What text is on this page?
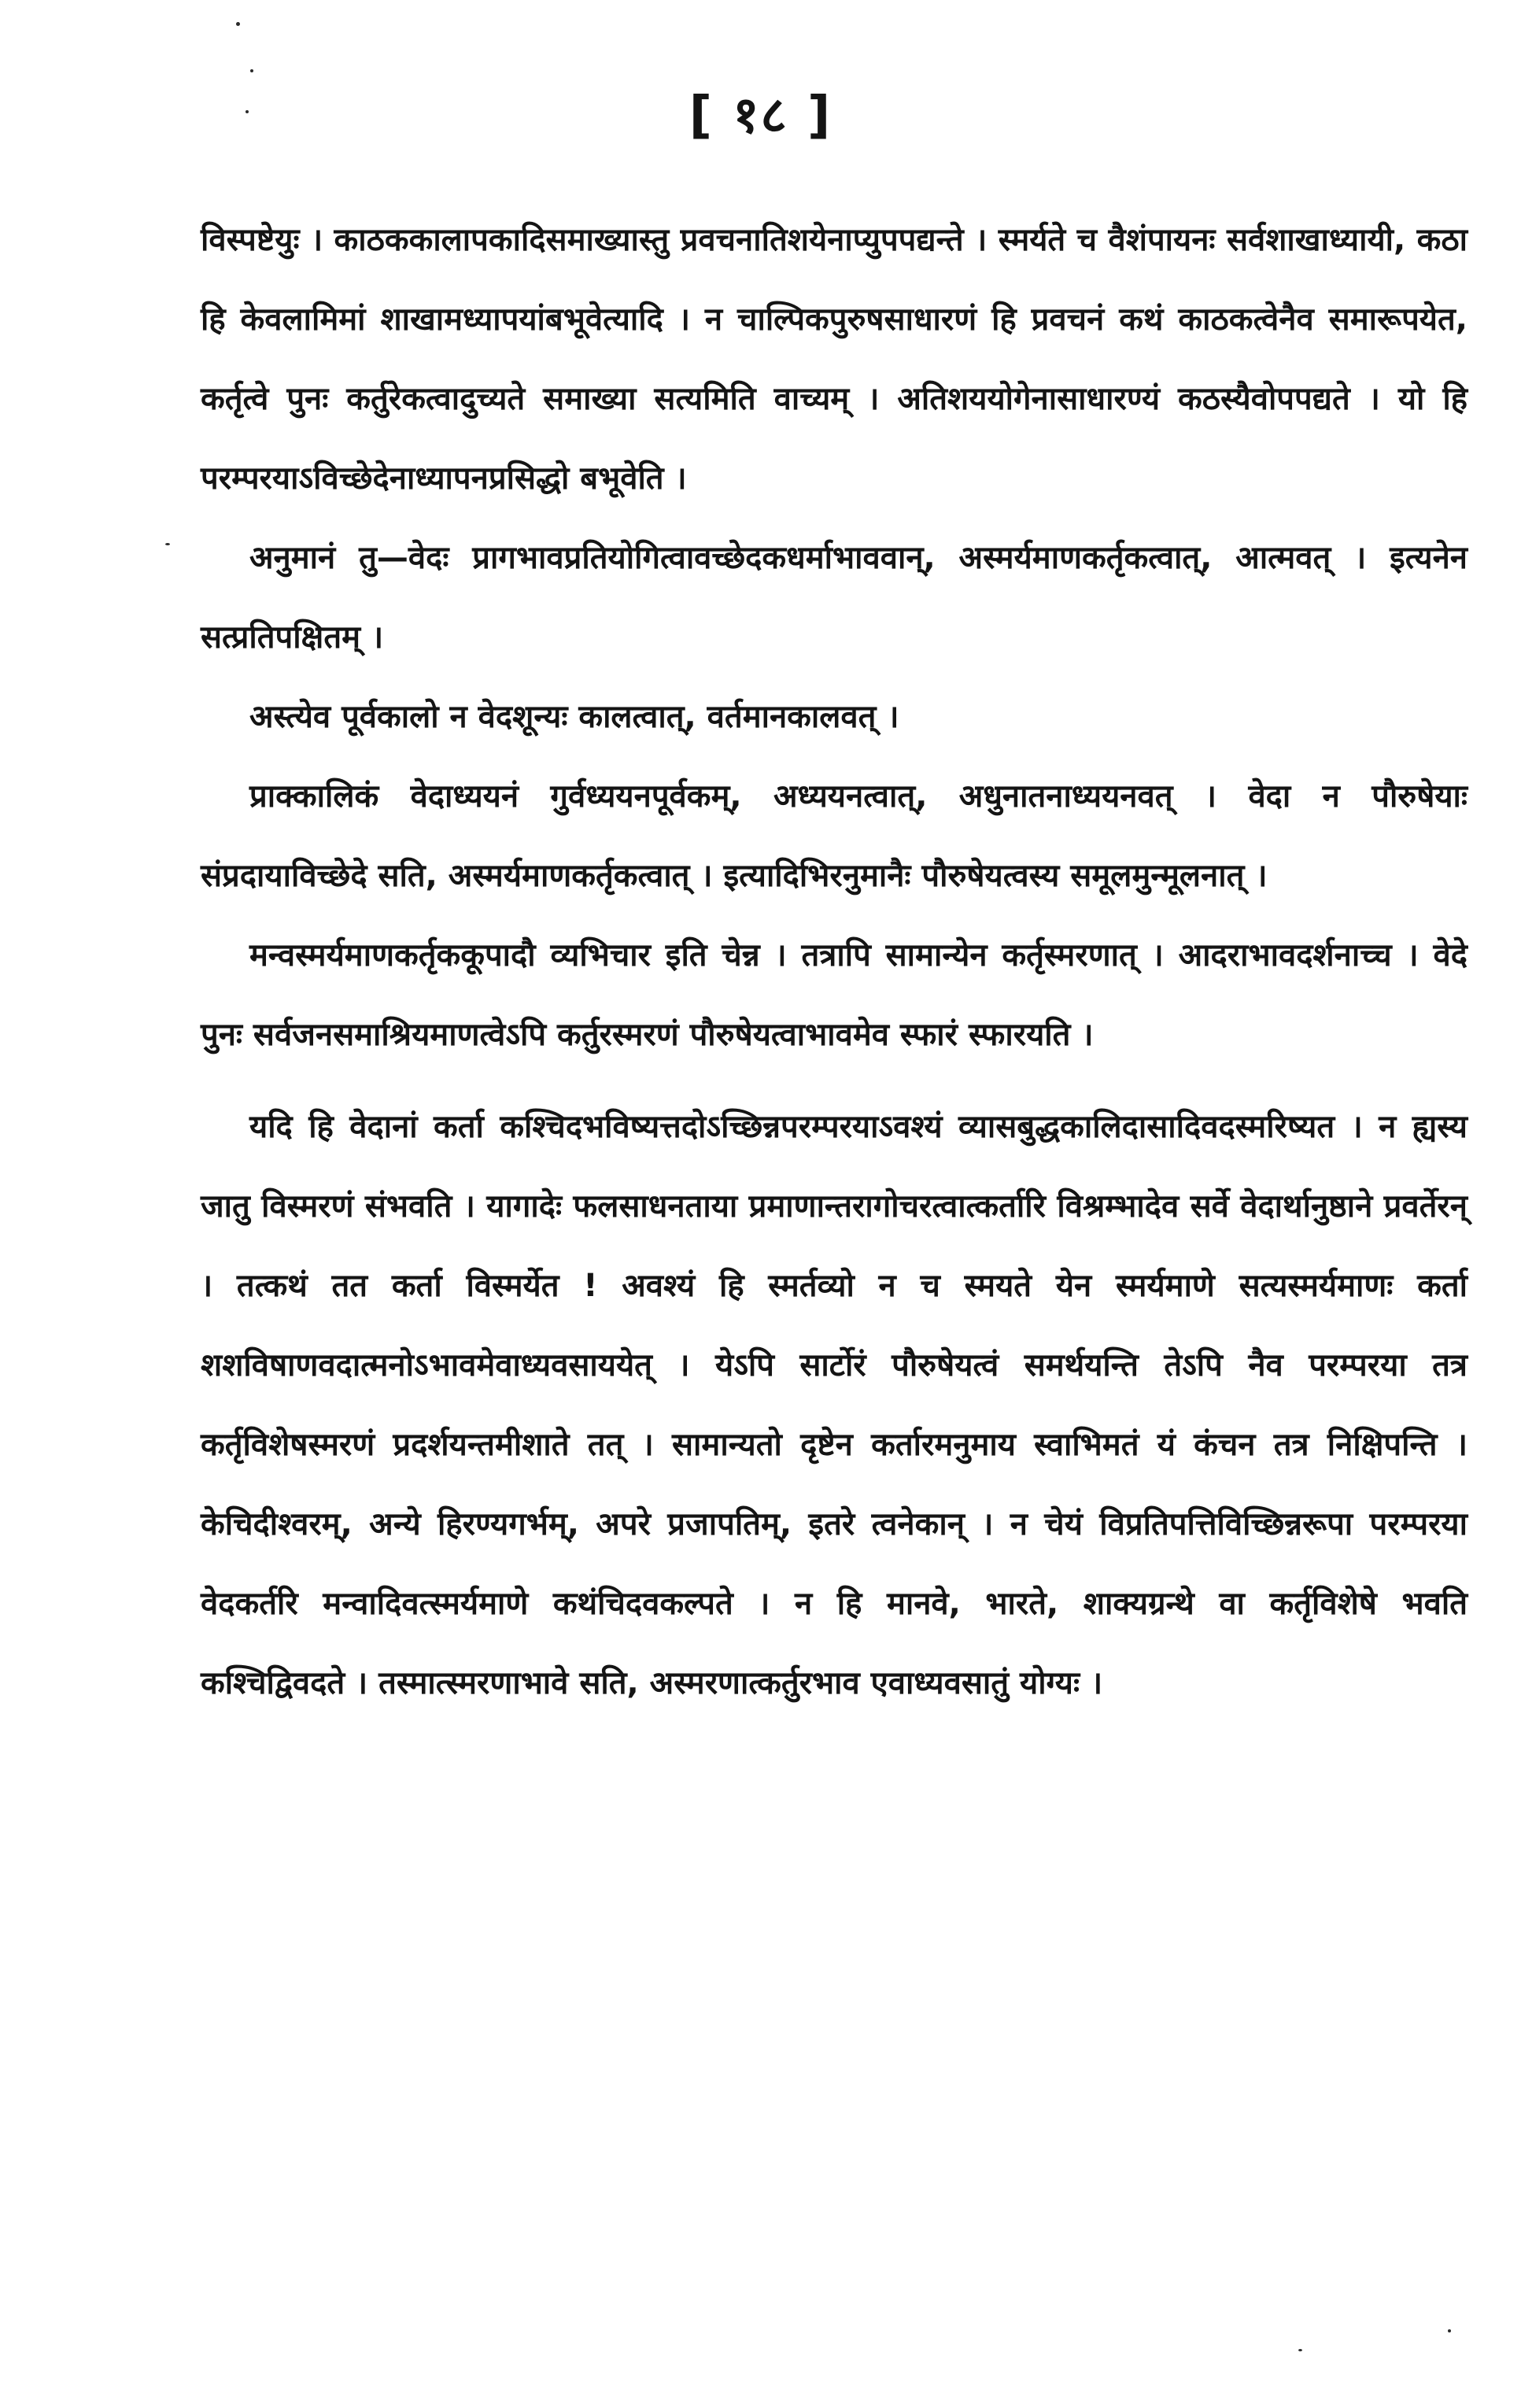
[ १८ ]

विस्पष्टेयुः । काठककालापकादिसमाख्यास्तु प्रवचनातिशयेनाप्युपपद्यन्ते । स्मर्यते च वैशंपायनः सर्वशाखाध्यायी, कठा हि केवलामिमां शाखामध्यापयांबभूवेत्यादि । न चाल्पिकपुरुषसाधारणं हि प्रवचनं कथं काठकत्वेनैव समारूपयेत, कर्तृत्वे पुनः कर्तुरेकत्वादुच्यते समाख्या सत्यमिति वाच्यम् । अतिशययोगेनासाधारण्यं कठस्यैवोपपद्यते । यो हि परम्परयाऽविच्छेदेनाध्यापनप्रसिद्धो बभूवेति ।

अनुमानं तु—वेदः प्रागभावप्रतियोगित्वावच्छेदकधर्माभाववान्, अस्मर्यमाणकर्तृकत्वात्, आत्मवत् । इत्यनेन सत्प्रतिपक्षितम् ।

अस्त्येव पूर्वकालो न वेदशून्यः कालत्वात्, वर्तमानकालवत् ।

प्राक्कालिकं वेदाध्ययनं गुर्वध्ययनपूर्वकम्, अध्ययनत्वात्, अधुनातनाध्ययनवत् । वेदा न पौरुषेयाः संप्रदायाविच्छेदे सति, अस्मर्यमाणकर्तृकत्वात् । इत्यादिभिरनुमानैः पौरुषेयत्वस्य समूलमुन्मूलनात् ।

मन्वस्मर्यमाणकर्तृककूपादौ व्यभिचार इति चेन्न । तत्रापि सामान्येन कर्तृस्मरणात् । आदराभावदर्शनाच्च । वेदे पुनः सर्वजनसमाश्रियमाणत्वेऽपि कर्तुरस्मरणं पौरुषेयत्वाभावमेव स्फारं स्फारयति ।

यदि हि वेदानां कर्ता कश्चिदभविष्यत्तदोऽच्छिन्नपरम्परयाऽवश्यं व्यासबुद्धकालिदासादिवदस्मरिष्यत । न ह्यस्य जातु विस्मरणं संभवति । यागादेः फलसाधनताया प्रमाणान्तरागोचरत्वात्कर्तारि विश्रम्भादेव सर्वे वेदार्थानुष्ठाने प्रवर्तेरन् । तत्कथं तत कर्ता विस्मर्येत ! अवश्यं हि स्मर्तव्यो न च स्मयते येन स्मर्यमाणे सत्यस्मर्यमाणः कर्ता शशविषाणवदात्मनोऽभावमेवाध्यवसाययेत् । येऽपि सार्टोरं पौरुषेयत्वं समर्थयन्ति तेऽपि नैव परम्परया तत्र कर्तृविशेषस्मरणं प्रदर्शयन्तमीशाते तत् । सामान्यतो दृष्टेन कर्तारमनुमाय स्वाभिमतं यं कंचन तत्र निक्षिपन्ति । केचिदीश्वरम्, अन्ये हिरण्यगर्भम्, अपरे प्रजापतिम्, इतरे त्वनेकान् । न चेयं विप्रतिपत्तिविच्छिन्नरूपा परम्परया वेदकर्तरि मन्वादिवत्स्मर्यमाणे कथंचिदवकल्पते । न हि मानवे, भारते, शाक्यग्रन्थे वा कर्तृविशेषे भवति कश्चिद्विवदते । तस्मात्स्मरणाभावे सति, अस्मरणात्कर्तुरभाव एवाध्यवसातुं योग्यः ।
